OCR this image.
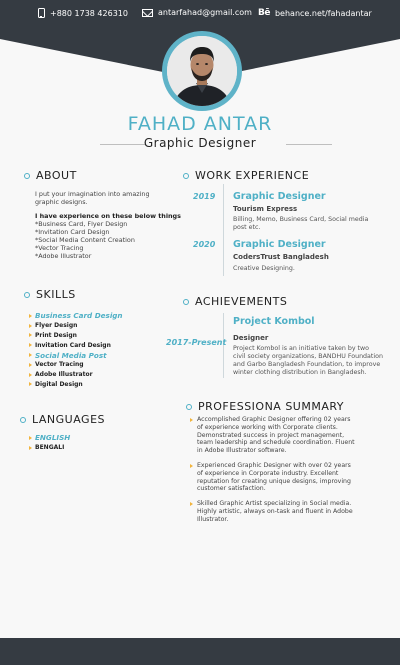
+880 1738 426310	antarfahad@gmail.com Bē behance.net/fahadantar
FAHAD ANTAR
Graphic Designer
ABOUT
I put your imagination into amazing
graphic designs.
I have experience on these below things
*Business Card, Flyer Design
*Invitation Card Design
*Social Media Content Creation
*Vector Tracing
*Adobe Illustrator
WORK EXPERIENCE
2019 Graphic Designer
Tourism Express
Billing, Memo, Business Card, Social media
post etc.
2020 Graphic Designer
CodersTrust Bangladesh
Creative Designing.
SKILLS
Business Card Design
Flyer Design
Print Design
Invitation Card Design
Social Media Post
Vector Tracing
Adobe Illustrator
Digital Design
ACHIEVEMENTS
2017-Present
Project Kombol
Designer
Project Kombol is an initiative taken by two
civil society organizations, BANDHU Foundation
and Garbo Bangladesh Foundation, to improve
winter clothing distribution in Bangladesh.
LANGUAGES
ENGLISH
BENGALI
PROFESSIONA SUMMARY
Accomplished Graphic Designer offering 02 years
of experience working with Corporate clients.
Demonstrated success in project management,
team leadership and schedule coordination. Fluent
in Adobe Illustrator software.
Experienced Graphic Designer with over 02 years
of experience in Corporate industry. Excellent
reputation for creating unique designs, improving
customer satisfaction.
Skilled Graphic Artist specializing in Social media.
Highly artistic, always on-task and fluent in Adobe
Illustrator.
